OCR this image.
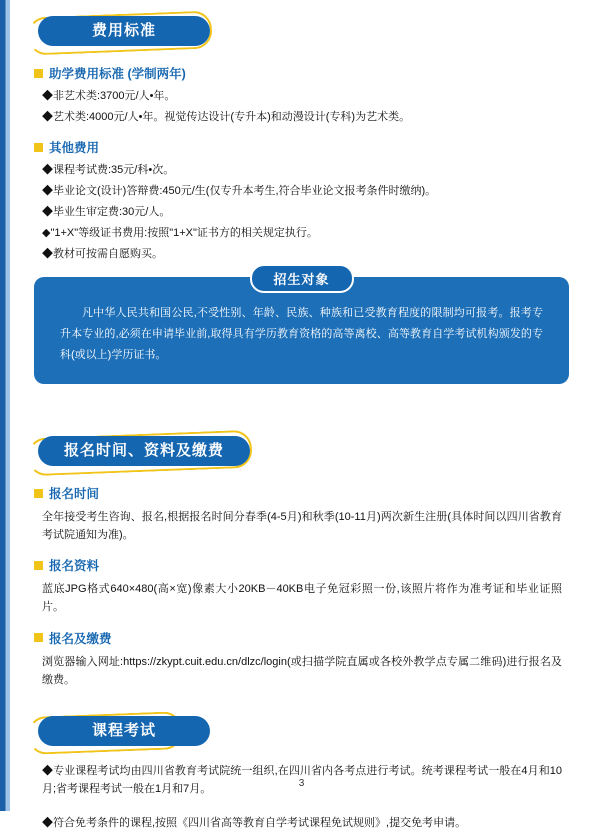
费用标准
助学费用标准 (学制两年)
◆非艺术类:3700元/人•年。
◆艺术类:4000元/人•年。视觉传达设计(专升本)和动漫设计(专科)为艺术类。
其他费用
◆课程考试费:35元/科•次。
◆毕业论文(设计)答辩费:450元/生(仅专升本考生,符合毕业论文报考条件时缴纳)。
◆毕业生审定费:30元/人。
◆"1+X"等级证书费用:按照"1+X"证书方的相关规定执行。
◆教材可按需自愿购买。
招生对象
凡中华人民共和国公民,不受性别、年龄、民族、种族和已受教育程度的限制均可报考。报考专升本专业的,必须在申请毕业前,取得具有学历教育资格的高等离校、高等教育自学考试机构颁发的专科(或以上)学历证书。
报名时间、资料及缴费
报名时间
全年接受考生咨询、报名,根据报名时间分春季(4-5月)和秋季(10-11月)两次新生注册(具体时间以四川省教育考试院通知为准)。
报名资料
蓝底JPG格式640×480(高×宽)像素大小20KB－40KB电子免冠彩照一份,该照片将作为准考证和毕业证照片。
报名及缴费
浏览器输入网址:https://zkypt.cuit.edu.cn/dlzc/login(或扫描学院直属或各校外教学点专属二维码)进行报名及缴费。
课程考试
◆专业课程考试均由四川省教育考试院统一组织,在四川省内各考点进行考试。统考课程考试一般在4月和10月;省考课程考试一般在1月和7月。
◆符合免考条件的课程,按照《四川省高等教育自学考试课程免试规则》,提交免考申请。
3
